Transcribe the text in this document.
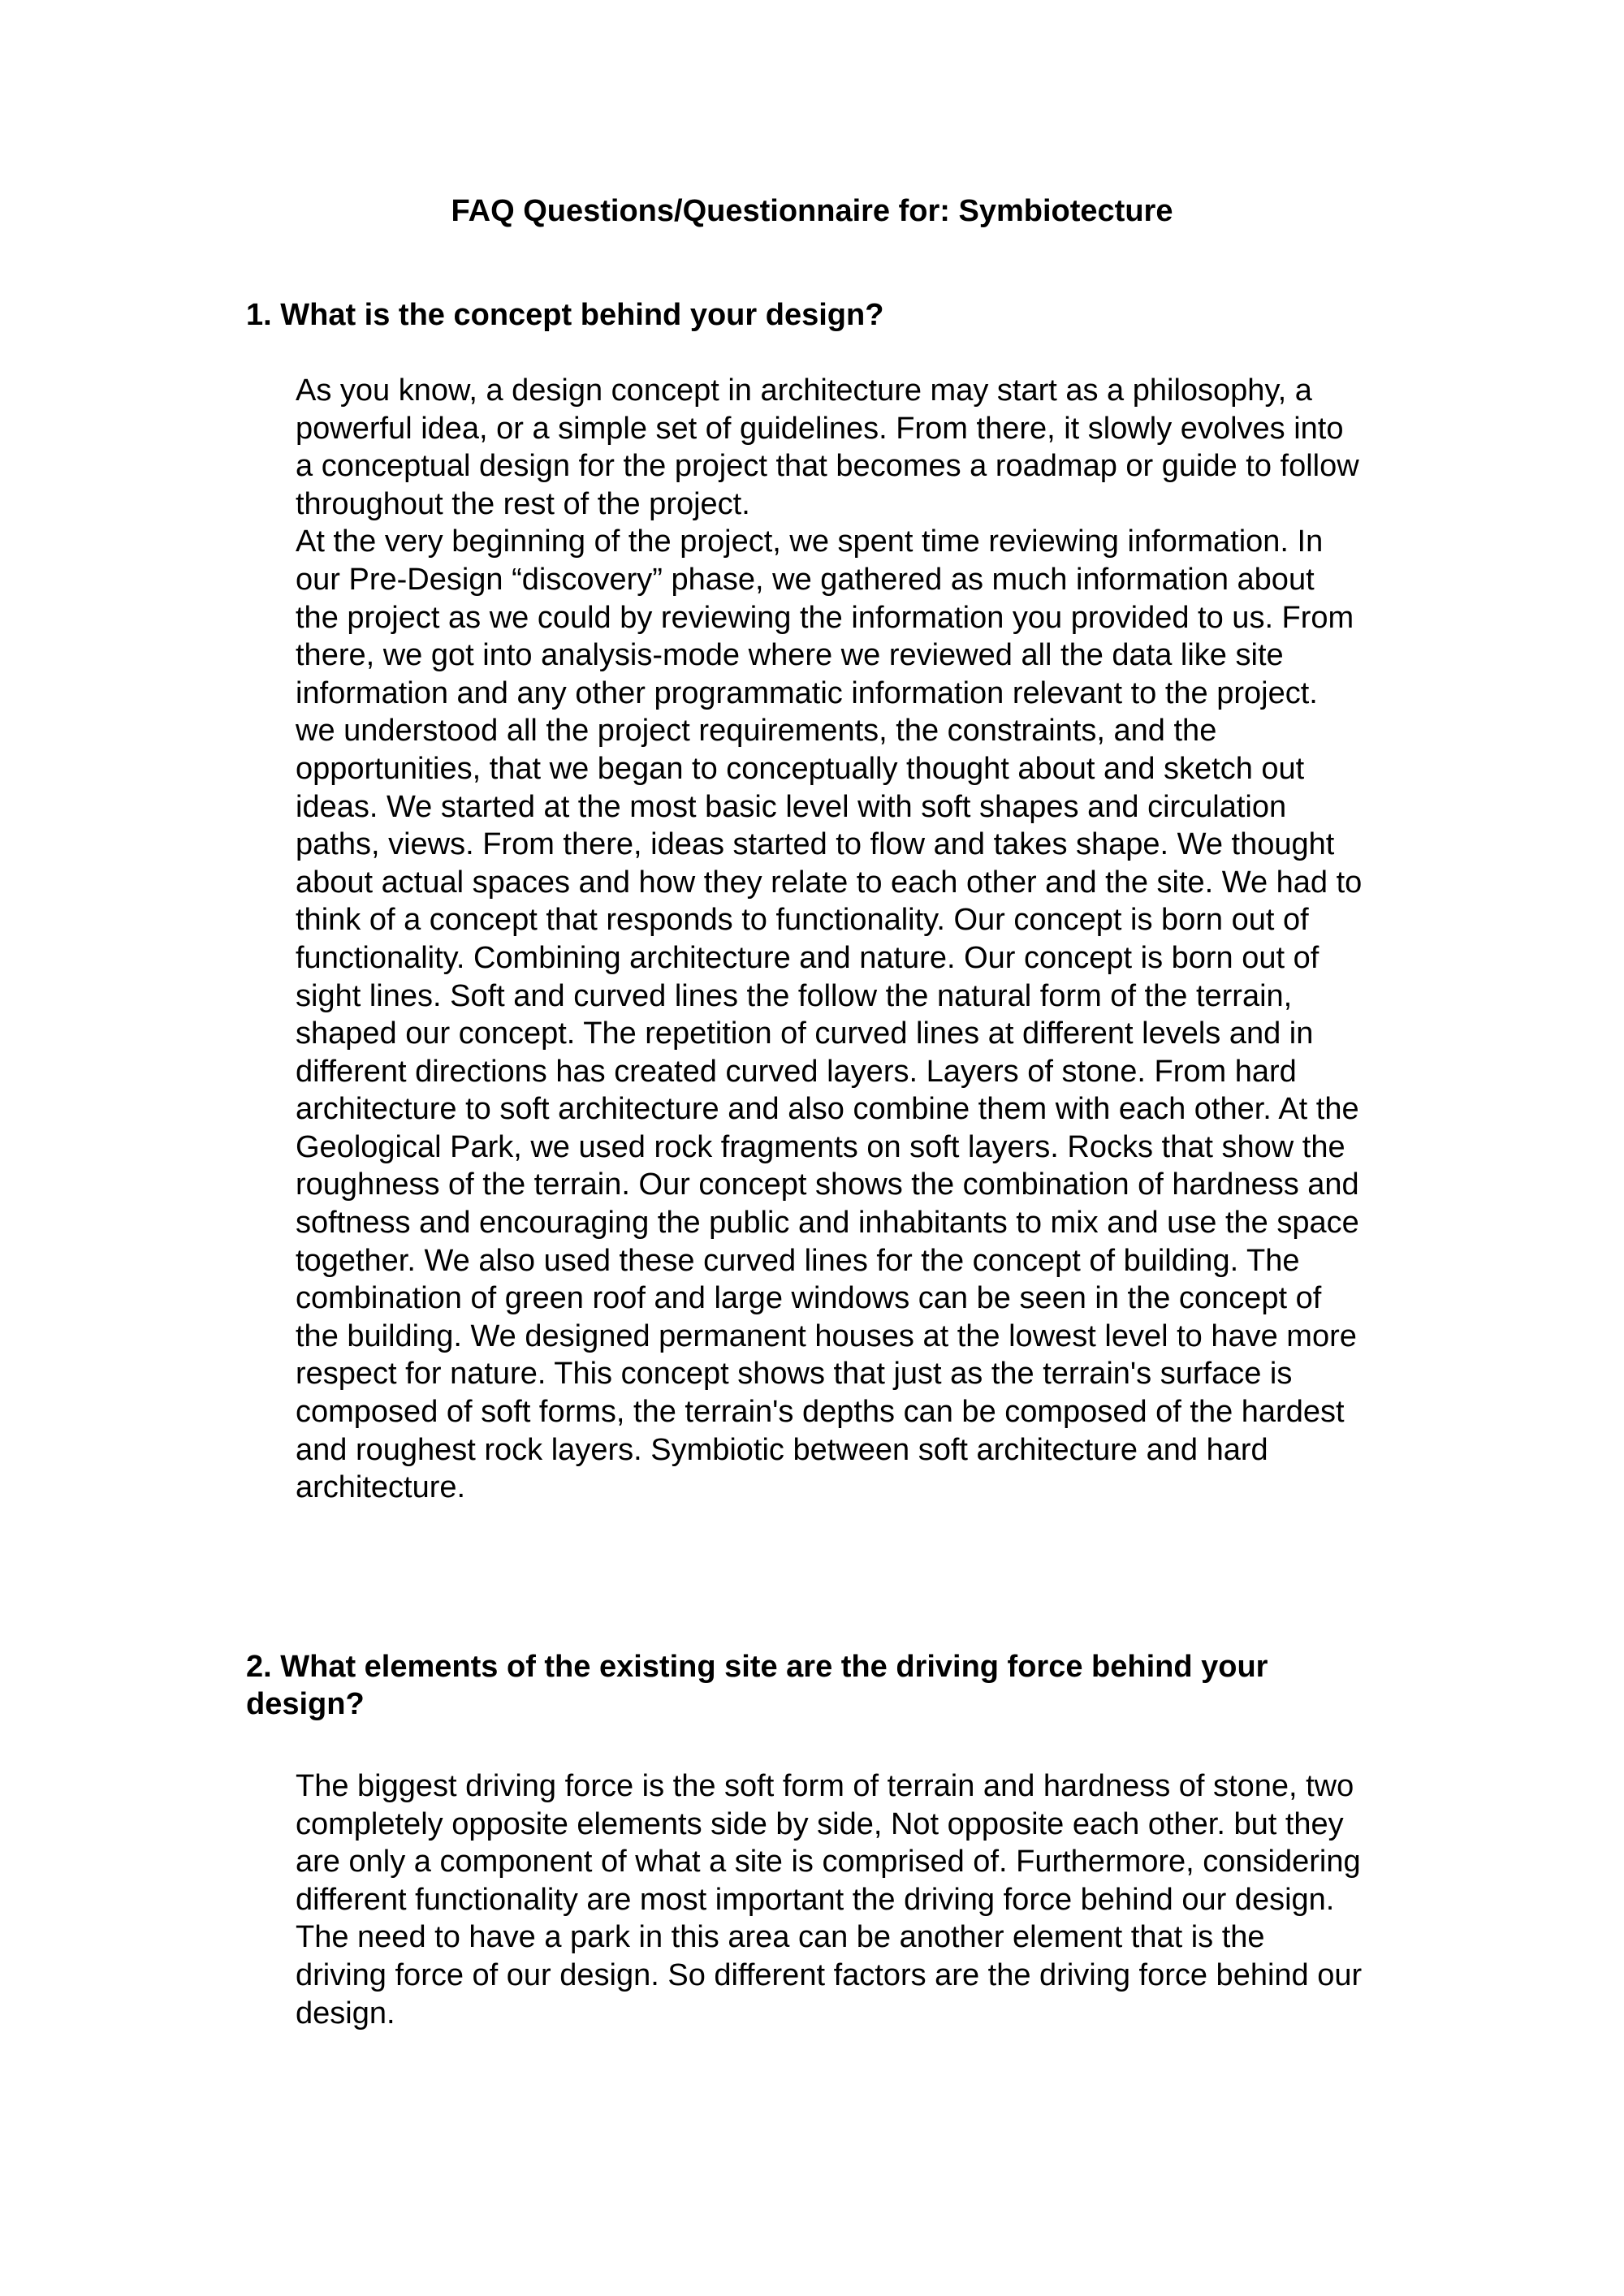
FAQ Questions/Questionnaire for: Symbiotecture
1. What is the concept behind your design?
As you know, a design concept in architecture may start as a philosophy, a
powerful idea, or a simple set of guidelines. From there, it slowly evolves into
a conceptual design for the project that becomes a roadmap or guide to follow
throughout the rest of the project.
At the very beginning of the project, we spent time reviewing information. In
our Pre-Design “discovery” phase, we gathered as much information about
the project as we could by reviewing the information you provided to us. From
there, we got into analysis-mode where we reviewed all the data like site
information and any other programmatic information relevant to the project.
we understood all the project requirements, the constraints, and the
opportunities, that we began to conceptually thought about and sketch out
ideas. We started at the most basic level with soft shapes and circulation
paths, views. From there, ideas started to flow and takes shape. We thought
about actual spaces and how they relate to each other and the site. We had to
think of a concept that responds to functionality. Our concept is born out of
functionality. Combining architecture and nature. Our concept is born out of
sight lines. Soft and curved lines the follow the natural form of the terrain,
shaped our concept. The repetition of curved lines at different levels and in
different directions has created curved layers. Layers of stone. From hard
architecture to soft architecture and also combine them with each other. At the
Geological Park, we used rock fragments on soft layers. Rocks that show the
roughness of the terrain. Our concept shows the combination of hardness and
softness and encouraging the public and inhabitants to mix and use the space
together. We also used these curved lines for the concept of building. The
combination of green roof and large windows can be seen in the concept of
the building. We designed permanent houses at the lowest level to have more
respect for nature. This concept shows that just as the terrain's surface is
composed of soft forms, the terrain's depths can be composed of the hardest
and roughest rock layers. Symbiotic between soft architecture and hard
architecture.
2. What elements of the existing site are the driving force behind your
design?
The biggest driving force is the soft form of terrain and hardness of stone, two
completely opposite elements side by side, Not opposite each other. but they
are only a component of what a site is comprised of. Furthermore, considering
different functionality are most important the driving force behind our design.
The need to have a park in this area can be another element that is the
driving force of our design. So different factors are the driving force behind our
design.
